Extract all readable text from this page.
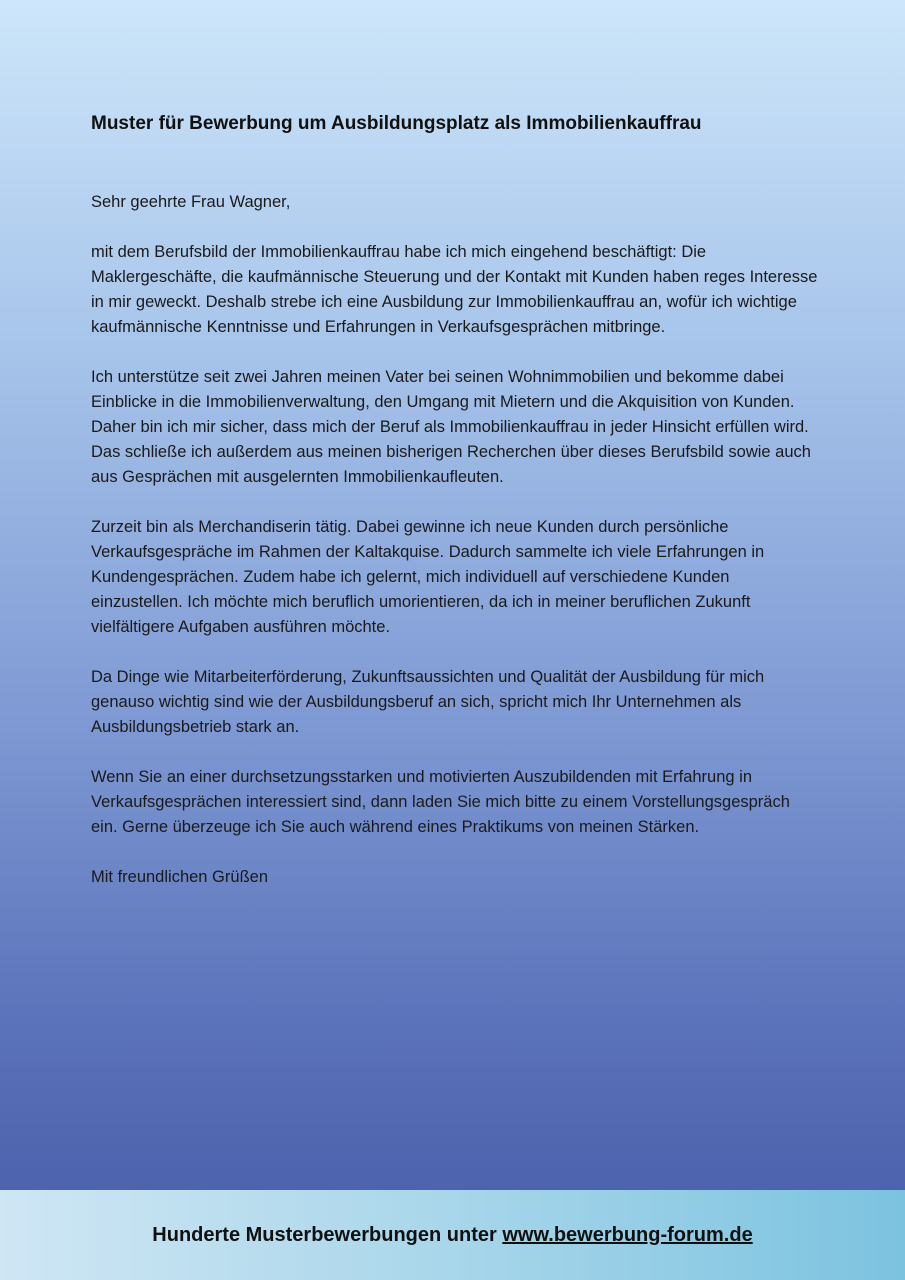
Muster für Bewerbung um Ausbildungsplatz als Immobilienkauffrau

Sehr geehrte Frau Wagner,

mit dem Berufsbild der Immobilienkauffrau habe ich mich eingehend beschäftigt: Die Maklergeschäfte, die kaufmännische Steuerung und der Kontakt mit Kunden haben reges Interesse in mir geweckt. Deshalb strebe ich eine Ausbildung zur Immobilienkauffrau an, wofür ich wichtige kaufmännische Kenntnisse und Erfahrungen in Verkaufsgesprächen mitbringe.

Ich unterstütze seit zwei Jahren meinen Vater bei seinen Wohnimmobilien und bekomme dabei Einblicke in die Immobilienverwaltung, den Umgang mit Mietern und die Akquisition von Kunden. Daher bin ich mir sicher, dass mich der Beruf als Immobilienkauffrau in jeder Hinsicht erfüllen wird. Das schließe ich außerdem aus meinen bisherigen Recherchen über dieses Berufsbild sowie auch aus Gesprächen mit ausgelernten Immobilienkaufleuten.

Zurzeit bin als Merchandiserin tätig. Dabei gewinne ich neue Kunden durch persönliche Verkaufsgespräche im Rahmen der Kaltakquise. Dadurch sammelte ich viele Erfahrungen in Kundengesprächen. Zudem habe ich gelernt, mich individuell auf verschiedene Kunden einzustellen. Ich möchte mich beruflich umorientieren, da ich in meiner beruflichen Zukunft vielfältigere Aufgaben ausführen möchte.

Da Dinge wie Mitarbeiterförderung, Zukunftsaussichten und Qualität der Ausbildung für mich genauso wichtig sind wie der Ausbildungsberuf an sich, spricht mich Ihr Unternehmen als Ausbildungsbetrieb stark an.

Wenn Sie an einer durchsetzungsstarken und motivierten Auszubildenden mit Erfahrung in Verkaufsgesprächen interessiert sind, dann laden Sie mich bitte zu einem Vorstellungsgespräch ein. Gerne überzeuge ich Sie auch während eines Praktikums von meinen Stärken.

Mit freundlichen Grüßen

Hunderte Musterbewerbungen unter www.bewerbung-forum.de
